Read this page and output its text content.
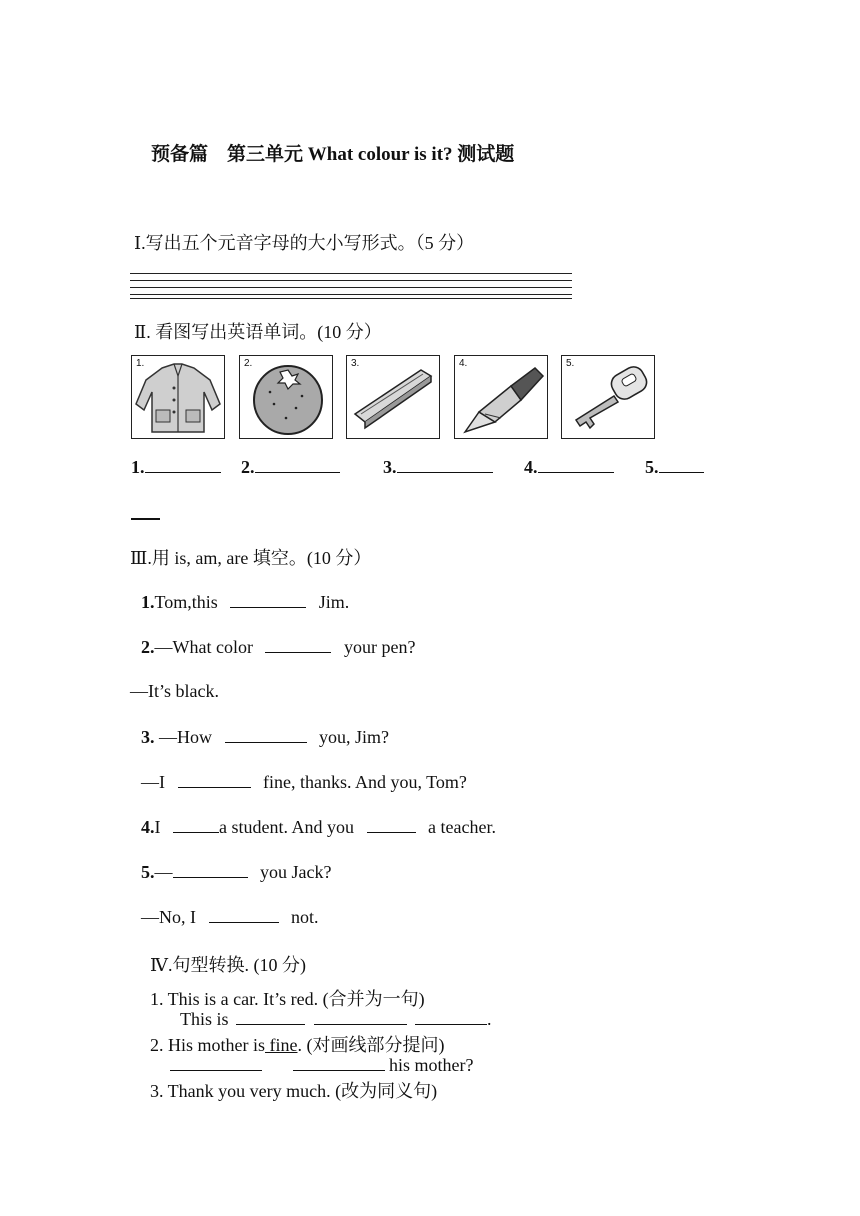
预备篇　第三单元 What colour is it? 测试题
Ⅰ.写出五个元音字母的大小写形式。（5 分）
Ⅱ. 看图写出英语单词。(10 分）
1.	2.	3.	4.	5.
1.	2.	3.	4.	5.
Ⅲ.用 is, am, are 填空。(10 分）
1.Tom,this	Jim.
2.—What color	your pen?
—It’s black.
3. —How	you, Jim?
—I	fine, thanks. And you, Tom?
4.I	a student. And you	a teacher.
5.—	you Jack?
—No, I	not.
Ⅳ.句型转换. (10 分)
1. This is a car. It’s red. (合并为一句)
This is	.
2. His mother is fine. (对画线部分提问)
his mother?
3. Thank you very much. (改为同义句)
